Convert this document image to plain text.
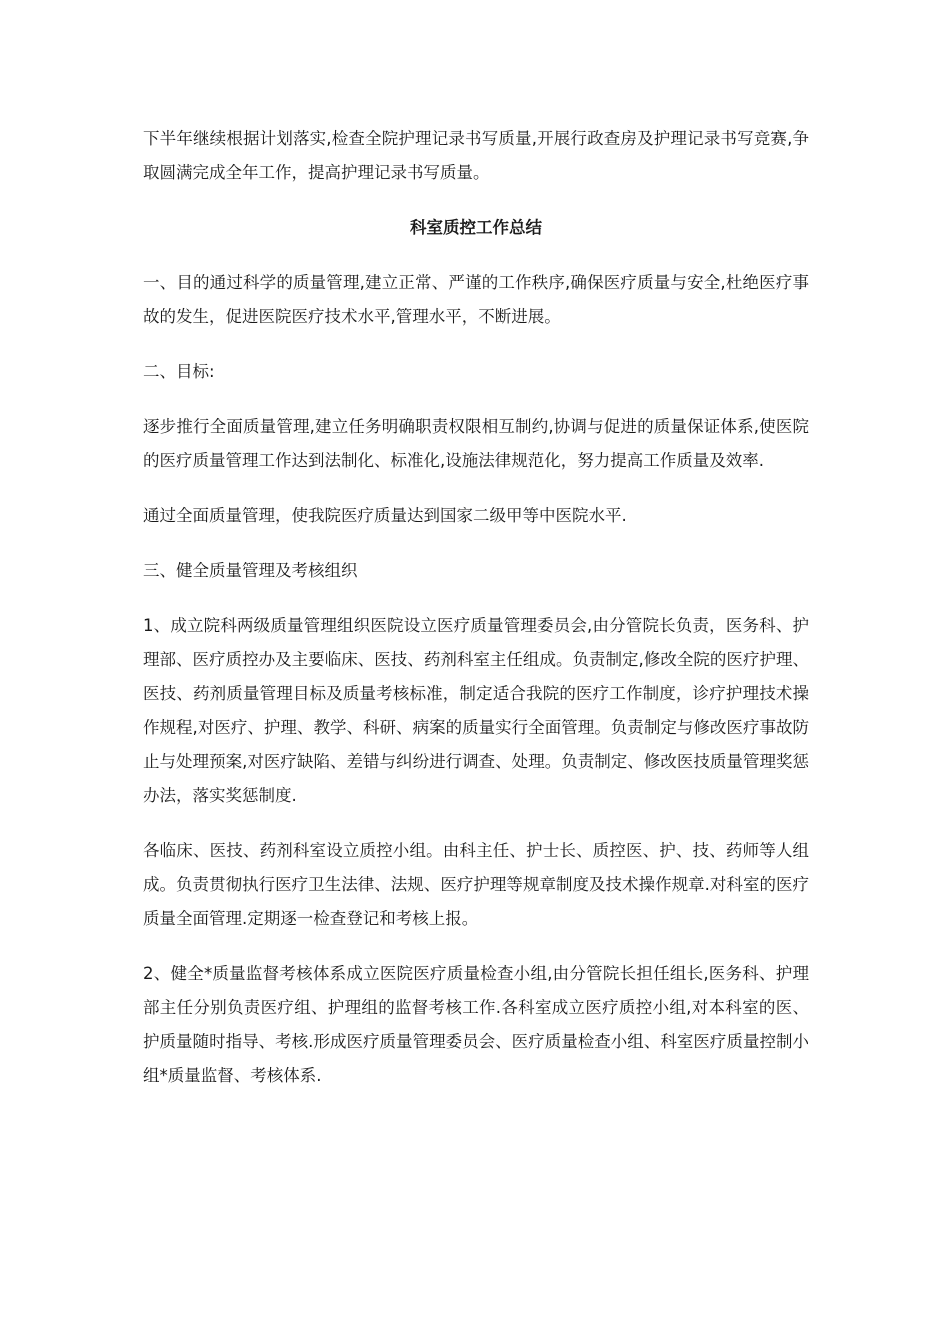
下半年继续根据计划落实,检查全院护理记录书写质量,开展行政查房及护理记录书写竞赛,争取圆满完成全年工作，提高护理记录书写质量。

科室质控工作总结

一、目的通过科学的质量管理,建立正常、严谨的工作秩序,确保医疗质量与安全,杜绝医疗事故的发生，促进医院医疗技术水平,管理水平，不断进展。

二、目标:

逐步推行全面质量管理,建立任务明确职责权限相互制约,协调与促进的质量保证体系,使医院的医疗质量管理工作达到法制化、标准化,设施法律规范化，努力提高工作质量及效率.

通过全面质量管理，使我院医疗质量达到国家二级甲等中医院水平.

三、健全质量管理及考核组织

1、成立院科两级质量管理组织医院设立医疗质量管理委员会,由分管院长负责，医务科、护理部、医疗质控办及主要临床、医技、药剂科室主任组成。负责制定,修改全院的医疗护理、医技、药剂质量管理目标及质量考核标准，制定适合我院的医疗工作制度，诊疗护理技术操作规程,对医疗、护理、教学、科研、病案的质量实行全面管理。负责制定与修改医疗事故防止与处理预案,对医疗缺陷、差错与纠纷进行调查、处理。负责制定、修改医技质量管理奖惩办法，落实奖惩制度.

各临床、医技、药剂科室设立质控小组。由科主任、护士长、质控医、护、技、药师等人组成。负责贯彻执行医疗卫生法律、法规、医疗护理等规章制度及技术操作规章.对科室的医疗质量全面管理.定期逐一检查登记和考核上报。

2、健全*质量监督考核体系成立医院医疗质量检查小组,由分管院长担任组长,医务科、护理部主任分别负责医疗组、护理组的监督考核工作.各科室成立医疗质控小组,对本科室的医、护质量随时指导、考核.形成医疗质量管理委员会、医疗质量检查小组、科室医疗质量控制小组*质量监督、考核体系.
